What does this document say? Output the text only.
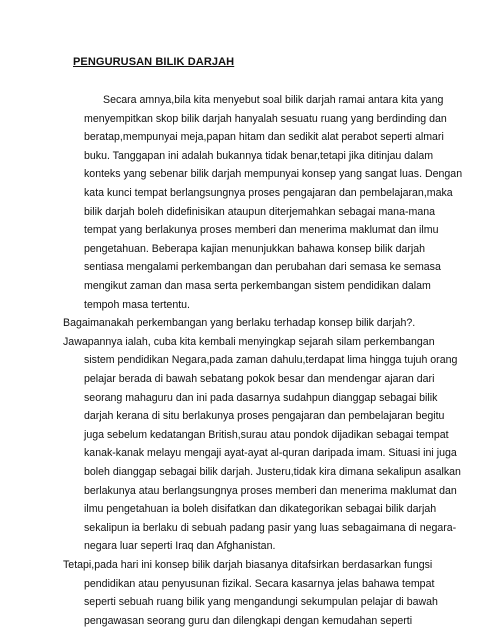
PENGURUSAN BILIK DARJAH
Secara amnya,bila kita menyebut soal bilik darjah ramai antara kita yang
menyempitkan skop bilik darjah hanyalah sesuatu ruang yang berdinding dan
beratap,mempunyai meja,papan hitam dan sedikit alat perabot seperti almari
buku. Tanggapan ini adalah bukannya tidak benar,tetapi jika ditinjau dalam
konteks yang sebenar bilik darjah mempunyai konsep yang sangat luas. Dengan
kata kunci tempat berlangsungnya proses pengajaran dan pembelajaran,maka
bilik darjah boleh didefinisikan ataupun diterjemahkan sebagai mana-mana
tempat yang berlakunya proses memberi dan menerima maklumat dan ilmu
pengetahuan. Beberapa kajian menunjukkan bahawa konsep bilik darjah
sentiasa mengalami perkembangan dan perubahan dari semasa ke semasa
mengikut zaman dan masa serta perkembangan sistem pendidikan dalam
tempoh masa tertentu.
Bagaimanakah perkembangan yang berlaku terhadap konsep bilik darjah?.
Jawapannya ialah, cuba kita kembali menyingkap sejarah silam perkembangan
sistem pendidikan Negara,pada zaman dahulu,terdapat lima hingga tujuh orang
pelajar berada di bawah sebatang pokok besar dan mendengar ajaran dari
seorang mahaguru dan ini pada dasarnya sudahpun dianggap sebagai bilik
darjah kerana di situ berlakunya proses pengajaran dan pembelajaran begitu
juga sebelum kedatangan British,surau atau pondok dijadikan sebagai tempat
kanak-kanak melayu mengaji ayat-ayat al-quran daripada imam. Situasi ini juga
boleh dianggap sebagai bilik darjah. Justeru,tidak kira dimana sekalipun asalkan
berlakunya atau berlangsungnya proses memberi dan menerima maklumat dan
ilmu pengetahuan ia boleh disifatkan dan dikategorikan sebagai bilik darjah
sekalipun ia berlaku di sebuah padang pasir yang luas sebagaimana di negara-
negara luar seperti Iraq dan Afghanistan.
Tetapi,pada hari ini konsep bilik darjah biasanya ditafsirkan berdasarkan fungsi
pendidikan atau penyusunan fizikal. Secara kasarnya jelas bahawa tempat
seperti sebuah ruang bilik yang mengandungi sekumpulan pelajar di bawah
pengawasan seorang guru dan dilengkapi dengan kemudahan seperti
